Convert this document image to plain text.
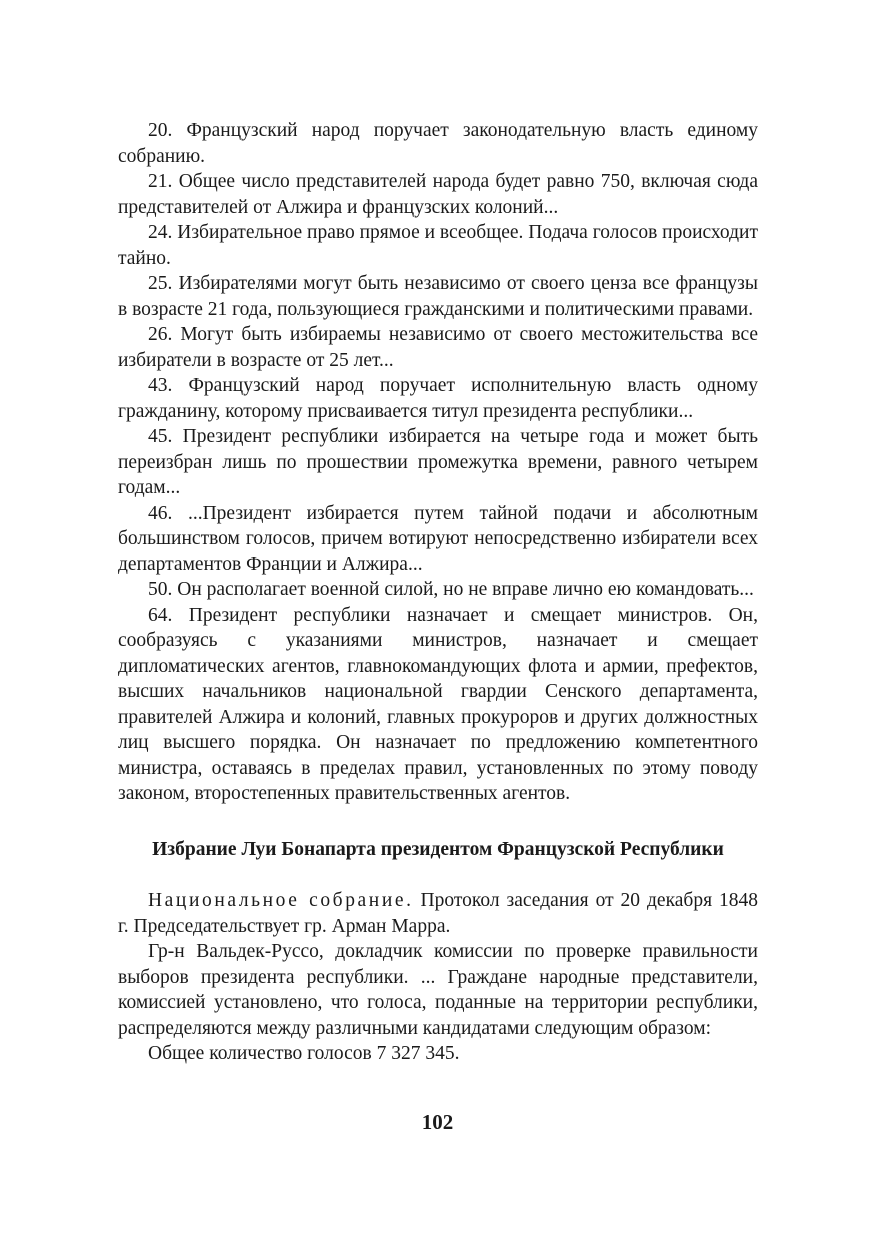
20. Французский народ поручает законодательную власть единому собранию.

21. Общее число представителей народа будет равно 750, включая сюда представителей от Алжира и французских колоний...

24. Избирательное право прямое и всеобщее. Подача голосов происходит тайно.

25. Избирателями могут быть независимо от своего ценза все французы в возрасте 21 года, пользующиеся гражданскими и политическими правами.

26. Могут быть избираемы независимо от своего местожительства все избиратели в возрасте от 25 лет...

43. Французский народ поручает исполнительную власть одному гражданину, которому присваивается титул президента республики...

45. Президент республики избирается на четыре года и может быть переизбран лишь по прошествии промежутка времени, равного четырем годам...

46. ...Президент избирается путем тайной подачи и абсолютным большинством голосов, причем вотируют непосредственно избиратели всех департаментов Франции и Алжира...

50. Он располагает военной силой, но не вправе лично ею командовать...

64. Президент республики назначает и смещает министров. Он, сообразуясь с указаниями министров, назначает и смещает дипломатических агентов, главнокомандующих флота и армии, префектов, высших начальников национальной гвардии Сенского департамента, правителей Алжира и колоний, главных прокуроров и других должностных лиц высшего порядка. Он назначает по предложению компетентного министра, оставаясь в пределах правил, установленных по этому поводу законом, второстепенных правительственных агентов.

Избрание Луи Бонапарта президентом Французской Республики

Национальное собрание. Протокол заседания от 20 декабря 1848 г. Председательствует гр. Арман Марра.

Гр-н Вальдек-Руссо, докладчик комиссии по проверке правильности выборов президента республики. ... Граждане народные представители, комиссией установлено, что голоса, поданные на территории республики, распределяются между различными кандидатами следующим образом:

Общее количество голосов 7 327 345.

102
